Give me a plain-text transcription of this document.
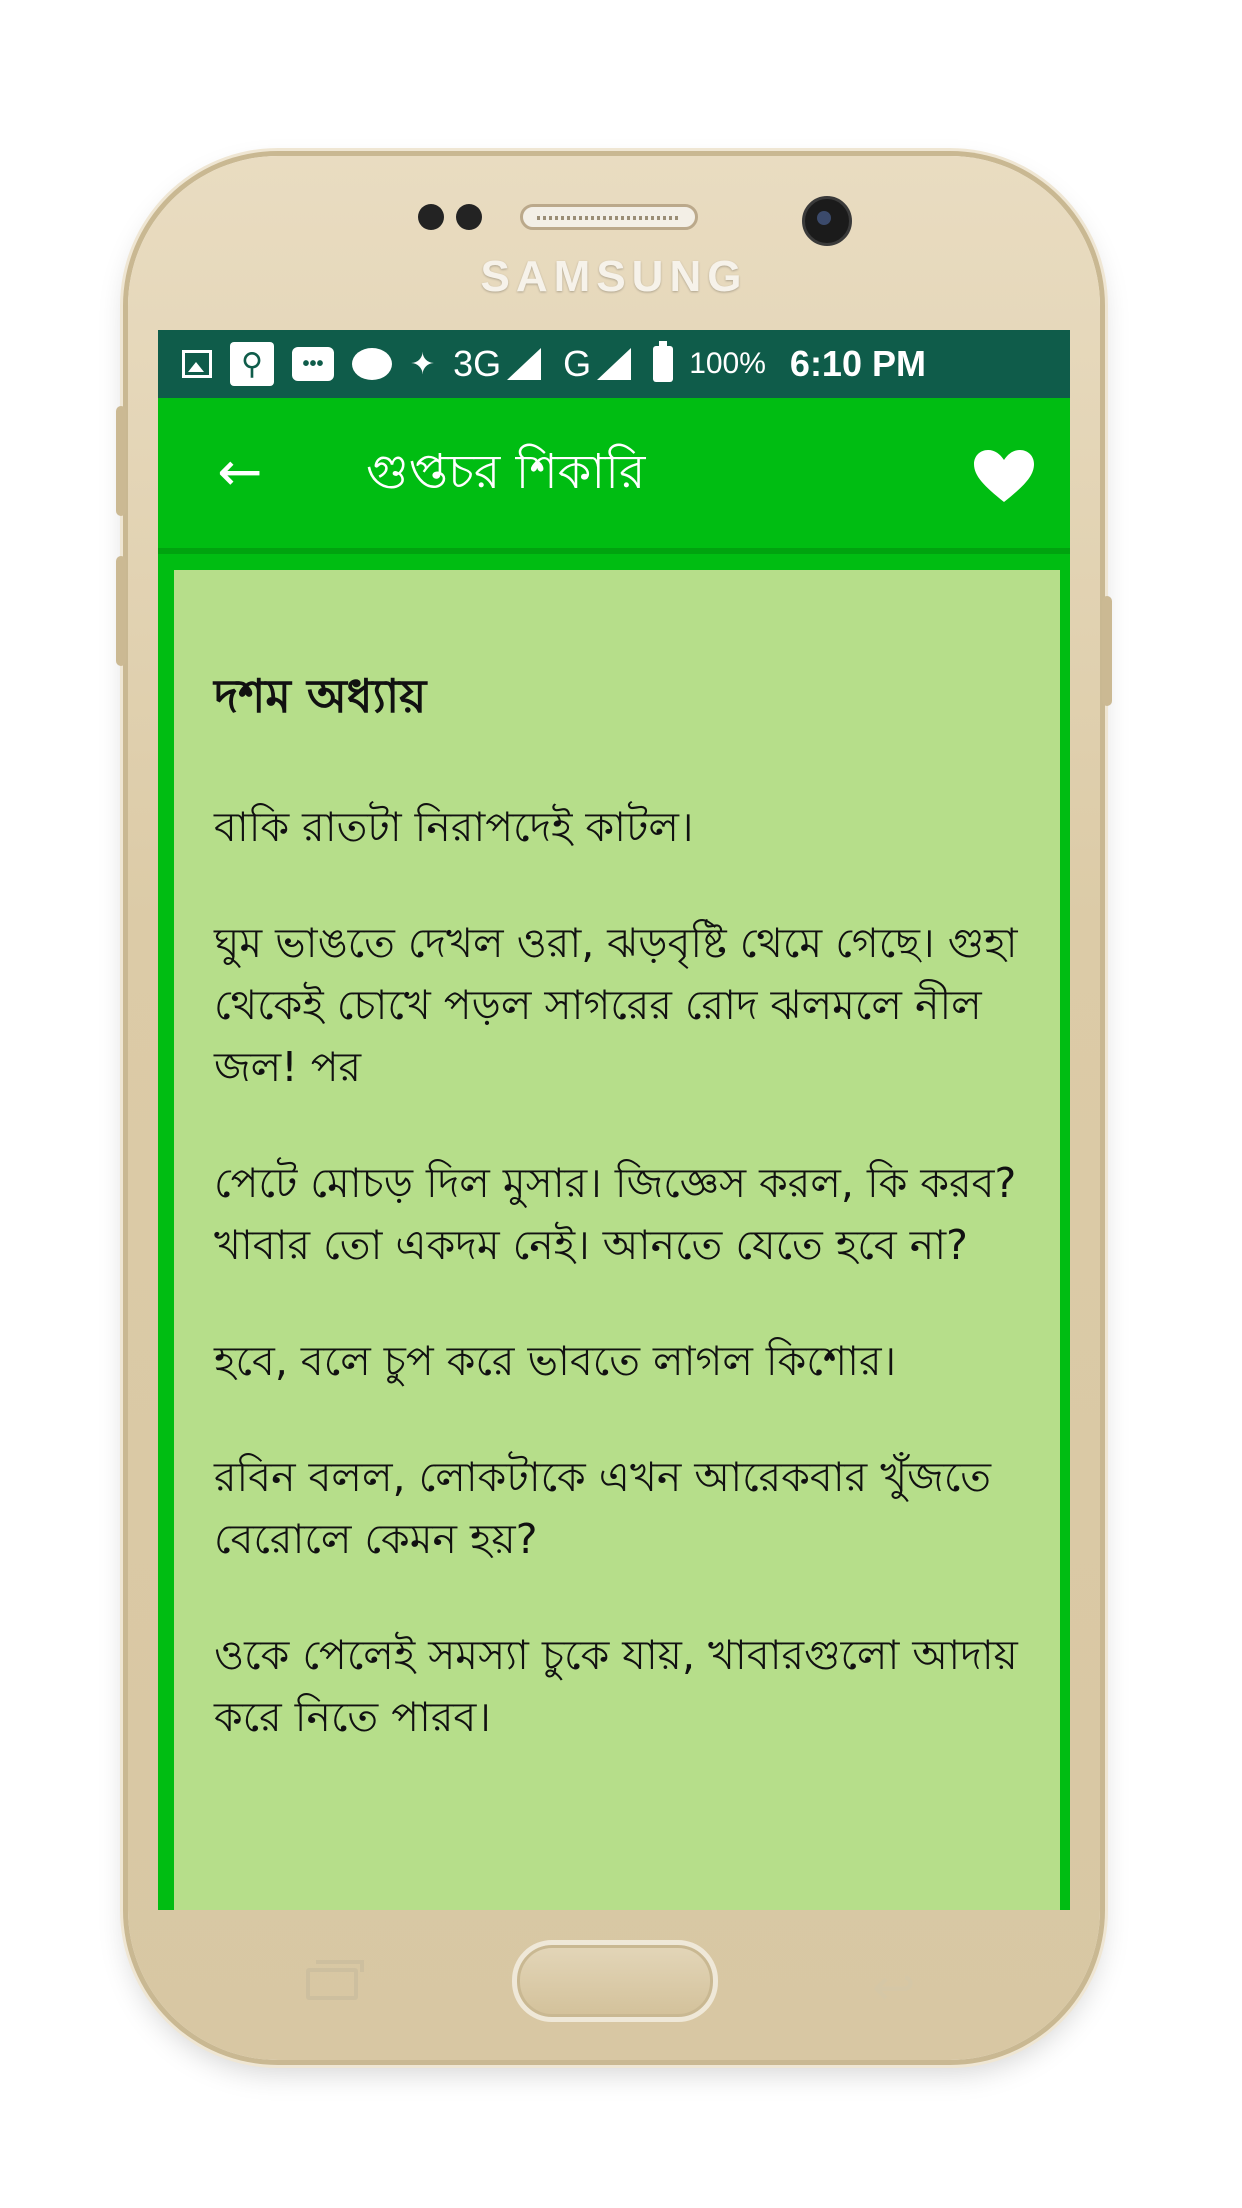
SAMSUNG
⚲	•••	✦ 3G G	100% 6:10 PM
← গুপ্তচর শিকারি
দশম অধ্যায়

বাকি রাতটা নিরাপদেই কাটল।

ঘুম ভাঙতে দেখল ওরা, ঝড়বৃষ্টি থেমে গেছে। গুহা থেকেই চোখে পড়ল সাগরের রোদ ঝলমলে নীল জল! পর

পেটে মোচড় দিল মুসার। জিজ্ঞেস করল, কি করব? খাবার তো একদম নেই। আনতে যেতে হবে না?

হবে, বলে চুপ করে ভাবতে লাগল কিশোর।

রবিন বলল, লোকটাকে এখন আরেকবার খুঁজতে বেরোলে কেমন হয়?

ওকে পেলেই সমস্যা চুকে যায়, খাবারগুলো আদায় করে নিতে পারব।

↩
